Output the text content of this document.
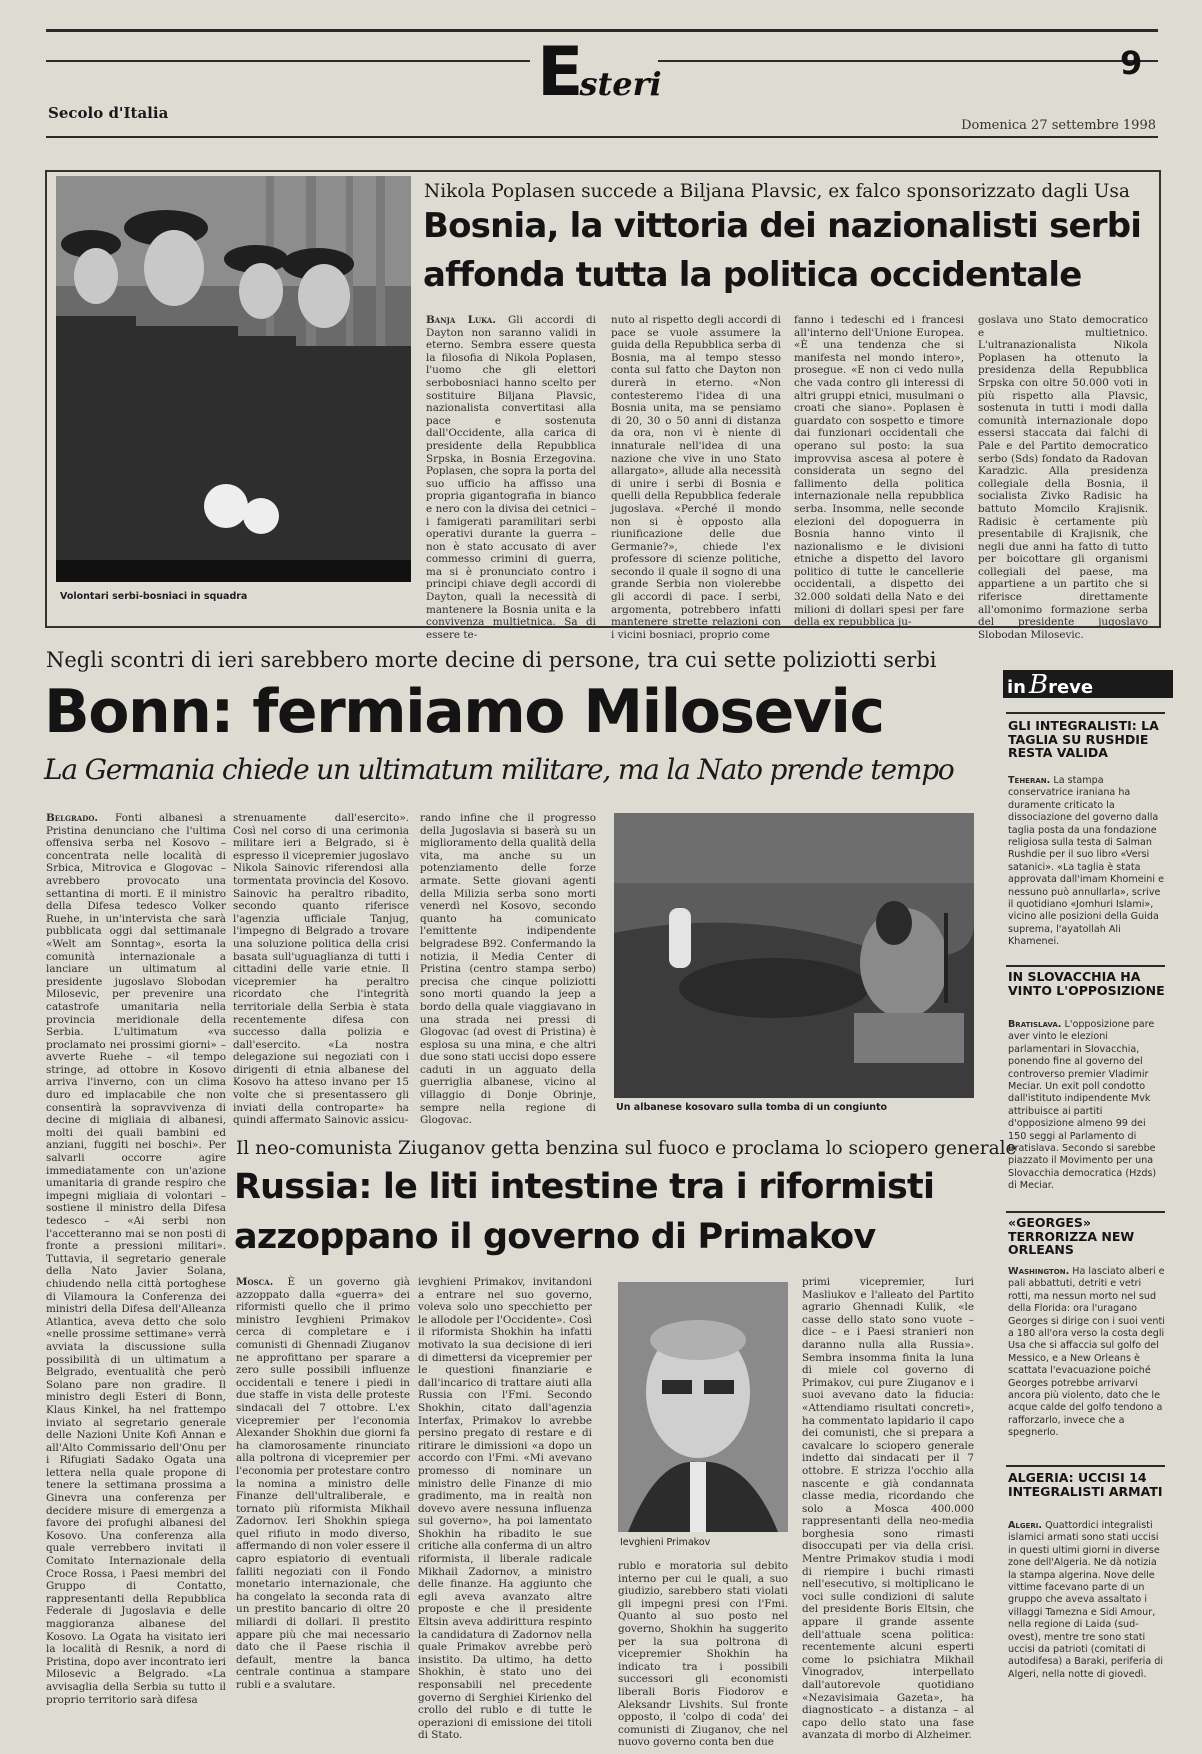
Esteri
9
Secolo d'Italia
Domenica 27 settembre 1998
Volontari serbi-bosniaci in squadra
Nikola Poplasen succede a Biljana Plavsic, ex falco sponsorizzato dagli Usa
Bosnia, la vittoria dei nazionalisti serbi
affonda tutta la politica occidentale
Banja Luka. Gli accordi di Dayton non saranno validi in eterno. Sembra essere questa la filosofia di Nikola Poplasen, l'uomo che gli elettori serbobosniaci hanno scelto per sostituire Biljana Plavsic, nazionalista convertitasi alla pace e sostenuta dall'Occidente, alla carica di presidente della Repubblica Srpska, in Bosnia Erzegovina. Poplasen, che sopra la porta del suo ufficio ha affisso una propria gigantografia in bianco e nero con la divisa dei cetnici – i famigerati paramilitari serbi operativi durante la guerra – non è stato accusato di aver commesso crimini di guerra, ma si è pronunciato contro i principi chiave degli accordi di Dayton, quali la necessità di mantenere la Bosnia unita e la convivenza multietnica. Sa di essere te-
nuto al rispetto degli accordi di pace se vuole assumere la guida della Repubblica serba di Bosnia, ma al tempo stesso conta sul fatto che Dayton non durerà in eterno. «Non contesteremo l'idea di una Bosnia unita, ma se pensiamo di 20, 30 o 50 anni di distanza da ora, non vi è niente di innaturale nell'idea di una nazione che vive in uno Stato allargato», allude alla necessità di unire i serbi di Bosnia e quelli della Repubblica federale jugoslava. «Perché il mondo non si è opposto alla riunificazione delle due Germanie?», chiede l'ex professore di scienze politiche, secondo il quale il sogno di una grande Serbia non violerebbe gli accordi di pace. I serbi, argomenta, potrebbero infatti mantenere strette relazioni con i vicini bosniaci, proprio come
fanno i tedeschi ed i francesi all'interno dell'Unione Europea. «È una tendenza che si manifesta nel mondo intero», prosegue. «E non ci vedo nulla che vada contro gli interessi di altri gruppi etnici, musulmani o croati che siano». Poplasen è guardato con sospetto e timore dai funzionari occidentali che operano sul posto: la sua improvvisa ascesa al potere è considerata un segno del fallimento della politica internazionale nella repubblica serba. Insomma, nelle seconde elezioni del dopoguerra in Bosnia hanno vinto il nazionalismo e le divisioni etniche a dispetto del lavoro politico di tutte le cancellerie occidentali, a dispetto dei 32.000 soldati della Nato e dei milioni di dollari spesi per fare della ex repubblica ju-
goslava uno Stato democratico e multietnico. L'ultranazionalista Nikola Poplasen ha ottenuto la presidenza della Repubblica Srpska con oltre 50.000 voti in più rispetto alla Plavsic, sostenuta in tutti i modi dalla comunità internazionale dopo essersi staccata dai falchi di Pale e del Partito democratico serbo (Sds) fondato da Radovan Karadzic. Alla presidenza collegiale della Bosnia, il socialista Zivko Radisic ha battuto Momcilo Krajisnik. Radisic è certamente più presentabile di Krajisnik, che negli due anni ha fatto di tutto per boicottare gli organismi collegiali del paese, ma appartiene a un partito che si riferisce direttamente all'omonimo formazione serba del presidente jugoslavo Slobodan Milosevic.
Negli scontri di ieri sarebbero morte decine di persone, tra cui sette poliziotti serbi
Bonn: fermiamo Milosevic
La Germania chiede un ultimatum militare, ma la Nato prende tempo
Belgrado. Fonti albanesi a Pristina denunciano che l'ultima offensiva serba nel Kosovo – concentrata nelle località di Srbica, Mitrovica e Glogovac – avrebbero provocato una settantina di morti. E il ministro della Difesa tedesco Volker Ruehe, in un'intervista che sarà pubblicata oggi dal settimanale «Welt am Sonntag», esorta la comunità internazionale a lanciare un ultimatum al presidente jugoslavo Slobodan Milosevic, per prevenire una catastrofe umanitaria nella provincia meridionale della Serbia. L'ultimatum «va proclamato nei prossimi giorni» – avverte Ruehe – «il tempo stringe, ad ottobre in Kosovo arriva l'inverno, con un clima duro ed implacabile che non consentirà la sopravvivenza di decine di migliaia di albanesi, molti dei quali bambini ed anziani, fuggiti nei boschi». Per salvarli occorre agire immediatamente con un'azione umanitaria di grande respiro che impegni migliaia di volontari – sostiene il ministro della Difesa tedesco – «Ai serbi non l'accetteranno mai se non posti di fronte a pressioni militari». Tuttavia, il segretario generale della Nato Javier Solana, chiudendo nella città portoghese di Vilamoura la Conferenza dei ministri della Difesa dell'Alleanza Atlantica, aveva detto che solo «nelle prossime settimane» verrà avviata la discussione sulla possibilità di un ultimatum a Belgrado, eventualità che però Solano pare non gradire. Il ministro degli Esteri di Bonn, Klaus Kinkel, ha nel frattempo inviato al segretario generale delle Nazioni Unite Kofi Annan e all'Alto Commissario dell'Onu per i Rifugiati Sadako Ogata una lettera nella quale propone di tenere la settimana prossima a Ginevra una conferenza per decidere misure di emergenza a favore dei profughi albanesi del Kosovo. Una conferenza alla quale verrebbero invitati il Comitato Internazionale della Croce Rossa, i Paesi membri del Gruppo di Contatto, rappresentanti della Repubblica Federale di Jugoslavia e delle maggioranza albanese del Kosovo. La Ogata ha visitato ieri la località di Resnik, a nord di Pristina, dopo aver incontrato ieri Milosevic a Belgrado. «La avvisaglia della Serbia su tutto il proprio territorio sarà difesa
strenuamente dall'esercito». Così nel corso di una cerimonia militare ieri a Belgrado, si è espresso il vicepremier jugoslavo Nikola Sainovic riferendosi alla tormentata provincia del Kosovo. Sainovic ha peraltro ribadito, secondo quanto riferisce l'agenzia ufficiale Tanjug, l'impegno di Belgrado a trovare una soluzione politica della crisi basata sull'uguaglianza di tutti i cittadini delle varie etnie. Il vicepremier ha peraltro ricordato che l'integrità territoriale della Serbia è stata recentemente difesa con successo dalla polizia e dall'esercito. «La nostra delegazione sui negoziati con i dirigenti di etnia albanese del Kosovo ha atteso invano per 15 volte che si presentassero gli inviati della controparte» ha quindi affermato Sainovic assicu-
rando infine che il progresso della Jugoslavia si baserà su un miglioramento della qualità della vita, ma anche su un potenziamento delle forze armate. Sette giovani agenti della Milizia serba sono morti venerdì nel Kosovo, secondo quanto ha comunicato l'emittente indipendente belgradese B92. Confermando la notizia, il Media Center di Pristina (centro stampa serbo) precisa che cinque poliziotti sono morti quando la jeep a bordo della quale viaggiavano in una strada nei pressi di Glogovac (ad ovest di Pristina) è esplosa su una mina, e che altri due sono stati uccisi dopo essere caduti in un agguato della guerriglia albanese, vicino al villaggio di Donje Obrinje, sempre nella regione di Glogovac.
Un albanese kosovaro sulla tomba di un congiunto
Il neo-comunista Ziuganov getta benzina sul fuoco e proclama lo sciopero generale
Russia: le liti intestine tra i riformisti
azzoppano il governo di Primakov
Mosca. È un governo già azzoppato dalla «guerra» dei riformisti quello che il primo ministro Ievghieni Primakov cerca di completare e i comunisti di Ghennadi Ziuganov ne approfittano per sparare a zero sulle possibili influenze occidentali e tenere i piedi in due staffe in vista delle proteste sindacali del 7 ottobre. L'ex vicepremier per l'economia Alexander Shokhin due giorni fa ha clamorosamente rinunciato alla poltrona di vicepremier per l'economia per protestare contro la nomina a ministro delle Finanze dell'ultraliberale, e tornato più riformista Mikhail Zadornov. Ieri Shokhin spiega quel rifiuto in modo diverso, affermando di non voler essere il capro espiatorio di eventuali falliti negoziati con il Fondo monetario internazionale, che ha congelato la seconda rata di un prestito bancario di oltre 20 miliardi di dollari. Il prestito appare più che mai necessario dato che il Paese rischia il default, mentre la banca centrale continua a stampare rubli e a svalutare.
ievghieni Primakov, invitandoni a entrare nel suo governo, voleva solo uno specchietto per le allodole per l'Occidente». Così il riformista Shokhin ha infatti motivato la sua decisione di ieri di dimettersi da vicepremier per le questioni finanziarie e dall'incarico di trattare aiuti alla Russia con l'Fmi. Secondo Shokhin, citato dall'agenzia Interfax, Primakov lo avrebbe persino pregato di restare e di ritirare le dimissioni «a dopo un accordo con l'Fmi. «Mi avevano promesso di nominare un ministro delle Finanze di mio gradimento, ma in realtà non dovevo avere nessuna influenza sul governo», ha poi lamentato Shokhin ha ribadito le sue critiche alla conferma di un altro riformista, il liberale radicale Mikhail Zadornov, a ministro delle finanze. Ha aggiunto che egli aveva avanzato altre proposte e che il presidente Eltsin aveva addirittura respinto la candidatura di Zadornov nella quale Primakov avrebbe però insistito. Da ultimo, ha detto Shokhin, è stato uno dei responsabili nel precedente governo di Serghiei Kirienko del crollo del rublo e di tutte le operazioni di emissione dei titoli di Stato.
Ievghieni Primakov
rublo e moratoria sul debito interno per cui le quali, a suo giudizio, sarebbero stati violati gli impegni presi con l'Fmi. Quanto al suo posto nel governo, Shokhin ha suggerito per la sua poltrona di vicepremier Shokhin ha indicato tra i possibili successori gli economisti liberali Boris Fiodorov e Aleksandr Livshits. Sul fronte opposto, il 'colpo di coda' dei comunisti di Ziuganov, che nel nuovo governo conta ben due
primi vicepremier, Iuri Masliukov e l'alleato del Partito agrario Ghennadi Kulik, «le casse dello stato sono vuote – dice – e i Paesi stranieri non daranno nulla alla Russia». Sembra insomma finita la luna di miele col governo di Primakov, cui pure Ziuganov e i suoi avevano dato la fiducia: «Attendiamo risultati concreti», ha commentato lapidario il capo dei comunisti, che si prepara a cavalcare lo sciopero generale indetto dai sindacati per il 7 ottobre. E strizza l'occhio alla nascente e già condannata classe media, ricordando che solo a Mosca 400.000 rappresentanti della neo-media borghesia sono rimasti disoccupati per via della crisi. Mentre Primakov studia i modi di riempire i buchi rimasti nell'esecutivo, si moltiplicano le voci sulle condizioni di salute del presidente Boris Eltsin, che appare il grande assente dell'attuale scena politica: recentemente alcuni esperti come lo psichiatra Mikhail Vinogradov, interpellato dall'autorevole quotidiano «Nezavisimaia Gazeta», ha diagnosticato – a distanza – al capo dello stato una fase avanzata di morbo di Alzheimer.
in Breve
GLI INTEGRALISTI: LA TAGLIA SU RUSHDIE RESTA VALIDA
Teheran. La stampa conservatrice iraniana ha duramente criticato la dissociazione del governo dalla taglia posta da una fondazione religiosa sulla testa di Salman Rushdie per il suo libro «Versi satanici». «La taglia è stata approvata dall'imam Khomeini e nessuno può annullarla», scrive il quotidiano «Jomhuri Islami», vicino alle posizioni della Guida suprema, l'ayatollah Ali Khamenei.
IN SLOVACCHIA HA VINTO L'OPPOSIZIONE
Bratislava. L'opposizione pare aver vinto le elezioni parlamentari in Slovacchia, ponendo fine al governo del controverso premier Vladimir Meciar. Un exit poll condotto dall'istituto indipendente Mvk attribuisce ai partiti d'opposizione almeno 99 dei 150 seggi al Parlamento di Bratislava. Secondo si sarebbe piazzato il Movimento per una Slovacchia democratica (Hzds) di Meciar.
«GEORGES» TERRORIZZA NEW ORLEANS
Washington. Ha lasciato alberi e pali abbattuti, detriti e vetri rotti, ma nessun morto nel sud della Florida: ora l'uragano Georges si dirige con i suoi venti a 180 all'ora verso la costa degli Usa che si affaccia sul golfo del Messico, e a New Orleans è scattata l'evacuazione poiché Georges potrebbe arrivarvi ancora più violento, dato che le acque calde del golfo tendono a rafforzarlo, invece che a spegnerlo.
ALGERIA: UCCISI 14 INTEGRALISTI ARMATI
Algeri. Quattordici integralisti islamici armati sono stati uccisi in questi ultimi giorni in diverse zone dell'Algeria. Ne dà notizia la stampa algerina. Nove delle vittime facevano parte di un gruppo che aveva assaltato i villaggi Tamezna e Sidi Amour, nella regione di Laida (sud-ovest), mentre tre sono stati uccisi da patrioti (comitati di autodifesa) a Baraki, periferia di Algeri, nella notte di giovedì.
